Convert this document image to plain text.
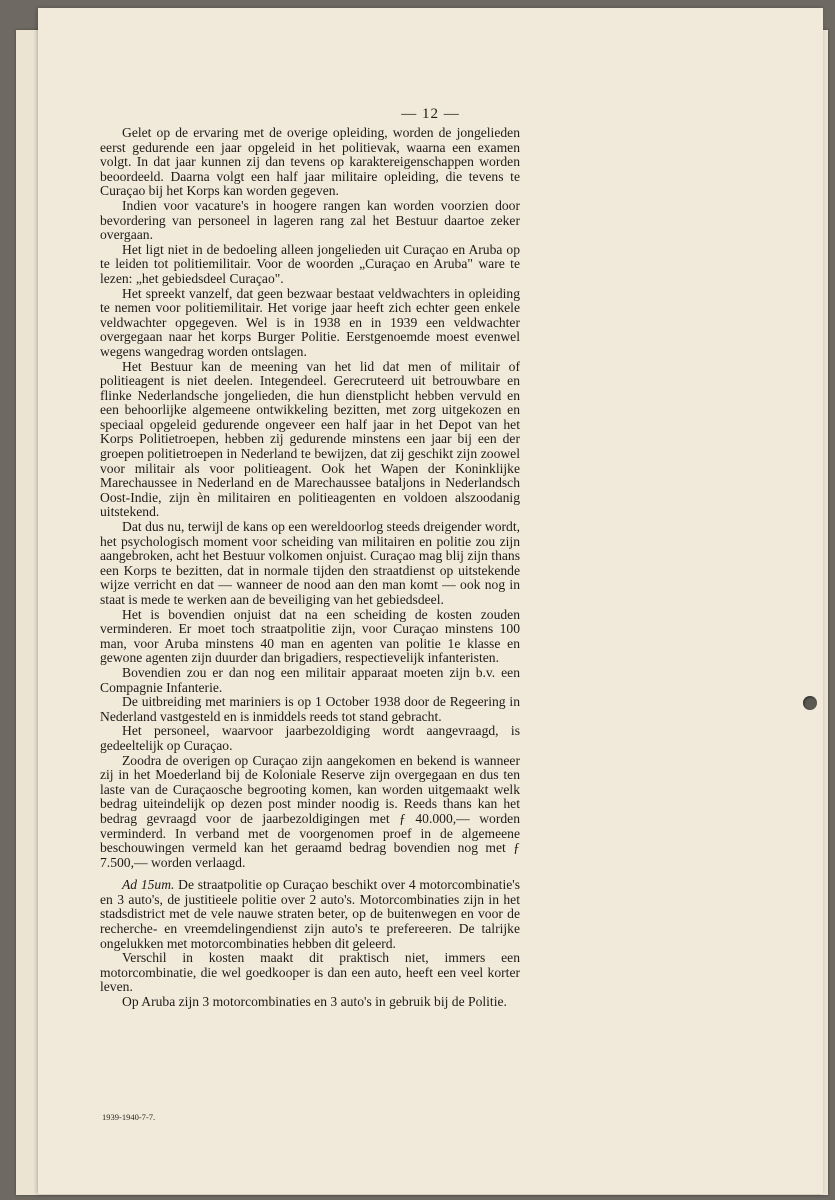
— 12 —

Gelet op de ervaring met de overige opleiding, worden de jongelieden eerst gedurende een jaar opgeleid in het politievak, waarna een examen volgt. In dat jaar kunnen zij dan tevens op karaktereigenschappen worden beoordeeld. Daarna volgt een half jaar militaire opleiding, die tevens te Curaçao bij het Korps kan worden gegeven.

Indien voor vacature's in hoogere rangen kan worden voorzien door bevordering van personeel in lageren rang zal het Bestuur daartoe zeker overgaan.

Het ligt niet in de bedoeling alleen jongelieden uit Curaçao en Aruba op te leiden tot politiemilitair. Voor de woorden „Curaçao en Aruba" ware te lezen: „het gebiedsdeel Curaçao".

Het spreekt vanzelf, dat geen bezwaar bestaat veldwachters in opleiding te nemen voor politiemilitair. Het vorige jaar heeft zich echter geen enkele veldwachter opgegeven. Wel is in 1938 en in 1939 een veldwachter overgegaan naar het korps Burger Politie. Eerstgenoemde moest evenwel wegens wangedrag worden ontslagen.

Het Bestuur kan de meening van het lid dat men of militair of politieagent is niet deelen. Integendeel. Gerecruteerd uit betrouwbare en flinke Nederlandsche jongelieden, die hun dienstplicht hebben vervuld en een behoorlijke algemeene ontwikkeling bezitten, met zorg uitgekozen en speciaal opgeleid gedurende ongeveer een half jaar in het Depot van het Korps Politietroepen, hebben zij gedurende minstens een jaar bij een der groepen politietroepen in Nederland te bewijzen, dat zij geschikt zijn zoowel voor militair als voor politieagent. Ook het Wapen der Koninklijke Marechaussee in Nederland en de Marechaussee bataljons in Nederlandsch Oost-Indie, zijn èn militairen en politieagenten en voldoen alszoodanig uitstekend.

Dat dus nu, terwijl de kans op een wereldoorlog steeds dreigender wordt, het psychologisch moment voor scheiding van militairen en politie zou zijn aangebroken, acht het Bestuur volkomen onjuist. Curaçao mag blij zijn thans een Korps te bezitten, dat in normale tijden den straatdienst op uitstekende wijze verricht en dat — wanneer de nood aan den man komt — ook nog in staat is mede te werken aan de beveiliging van het gebiedsdeel.

Het is bovendien onjuist dat na een scheiding de kosten zouden verminderen. Er moet toch straatpolitie zijn, voor Curaçao minstens 100 man, voor Aruba minstens 40 man en agenten van politie 1e klasse en gewone agenten zijn duurder dan brigadiers, respectievelijk infanteristen.

Bovendien zou er dan nog een militair apparaat moeten zijn b.v. een Compagnie Infanterie.

De uitbreiding met mariniers is op 1 October 1938 door de Regeering in Nederland vastgesteld en is inmiddels reeds tot stand gebracht.

Het personeel, waarvoor jaarbezoldiging wordt aangevraagd, is gedeeltelijk op Curaçao.

Zoodra de overigen op Curaçao zijn aangekomen en bekend is wanneer zij in het Moederland bij de Koloniale Reserve zijn overgegaan en dus ten laste van de Curaçaosche begrooting komen, kan worden uitgemaakt welk bedrag uiteindelijk op dezen post minder noodig is. Reeds thans kan het bedrag gevraagd voor de jaarbezoldigingen met ƒ 40.000,— worden verminderd. In verband met de voorgenomen proef in de algemeene beschouwingen vermeld kan het geraamd bedrag bovendien nog met ƒ 7.500,— worden verlaagd.

Ad 15um. De straatpolitie op Curaçao beschikt over 4 motorcombinatie's en 3 auto's, de justitieele politie over 2 auto's. Motorcombinaties zijn in het stadsdistrict met de vele nauwe straten beter, op de buitenwegen en voor de recherche- en vreemdelingendienst zijn auto's te prefereeren. De talrijke ongelukken met motorcombinaties hebben dit geleerd.

Verschil in kosten maakt dit praktisch niet, immers een motorcombinatie, die wel goedkooper is dan een auto, heeft een veel korter leven.

Op Aruba zijn 3 motorcombinaties en 3 auto's in gebruik bij de Politie.

1939-1940-7-7.
